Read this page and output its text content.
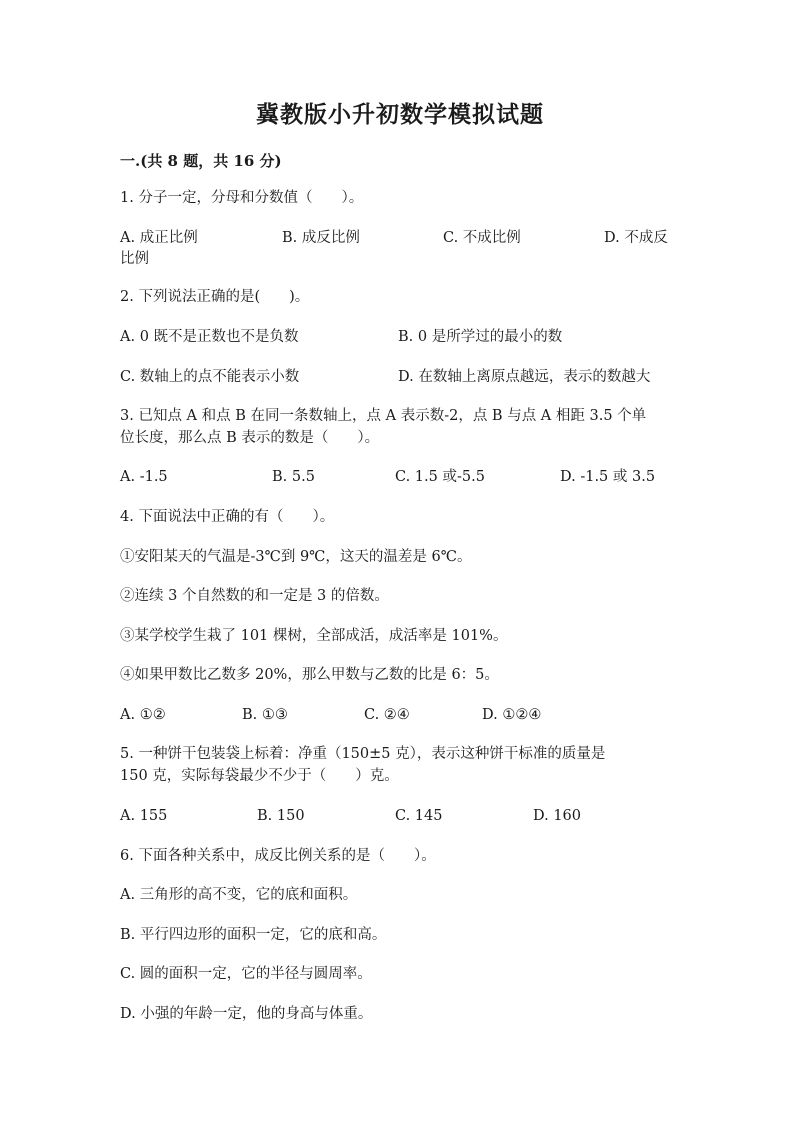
冀教版小升初数学模拟试题
一.(共 8 题，共 16 分)
1. 分子一定，分母和分数值（　　）。
A. 成正比例	B. 成反比例	C. 不成比例	D. 不成反
比例
2. 下列说法正确的是(　　)。
A. 0 既不是正数也不是负数	B. 0 是所学过的最小的数
C. 数轴上的点不能表示小数	D. 在数轴上离原点越远，表示的数越大
3. 已知点 A 和点 B 在同一条数轴上，点 A 表示数-2，点 B 与点 A 相距 3.5 个单
位长度，那么点 B 表示的数是（　　）。
A. -1.5	B. 5.5	C. 1.5 或-5.5	D. -1.5 或 3.5
4. 下面说法中正确的有（　　）。
①安阳某天的气温是-3℃到 9℃，这天的温差是 6℃。
②连续 3 个自然数的和一定是 3 的倍数。
③某学校学生栽了 101 棵树，全部成活，成活率是 101%。
④如果甲数比乙数多 20%，那么甲数与乙数的比是 6：5。
A. ①②	B. ①③	C. ②④	D. ①②④
5. 一种饼干包装袋上标着：净重（150±5 克），表示这种饼干标准的质量是
150 克，实际每袋最少不少于（　　）克。
A. 155	B. 150	C. 145	D. 160
6. 下面各种关系中，成反比例关系的是（　　）。
A. 三角形的高不变，它的底和面积。
B. 平行四边形的面积一定，它的底和高。
C. 圆的面积一定，它的半径与圆周率。
D. 小强的年龄一定，他的身高与体重。
